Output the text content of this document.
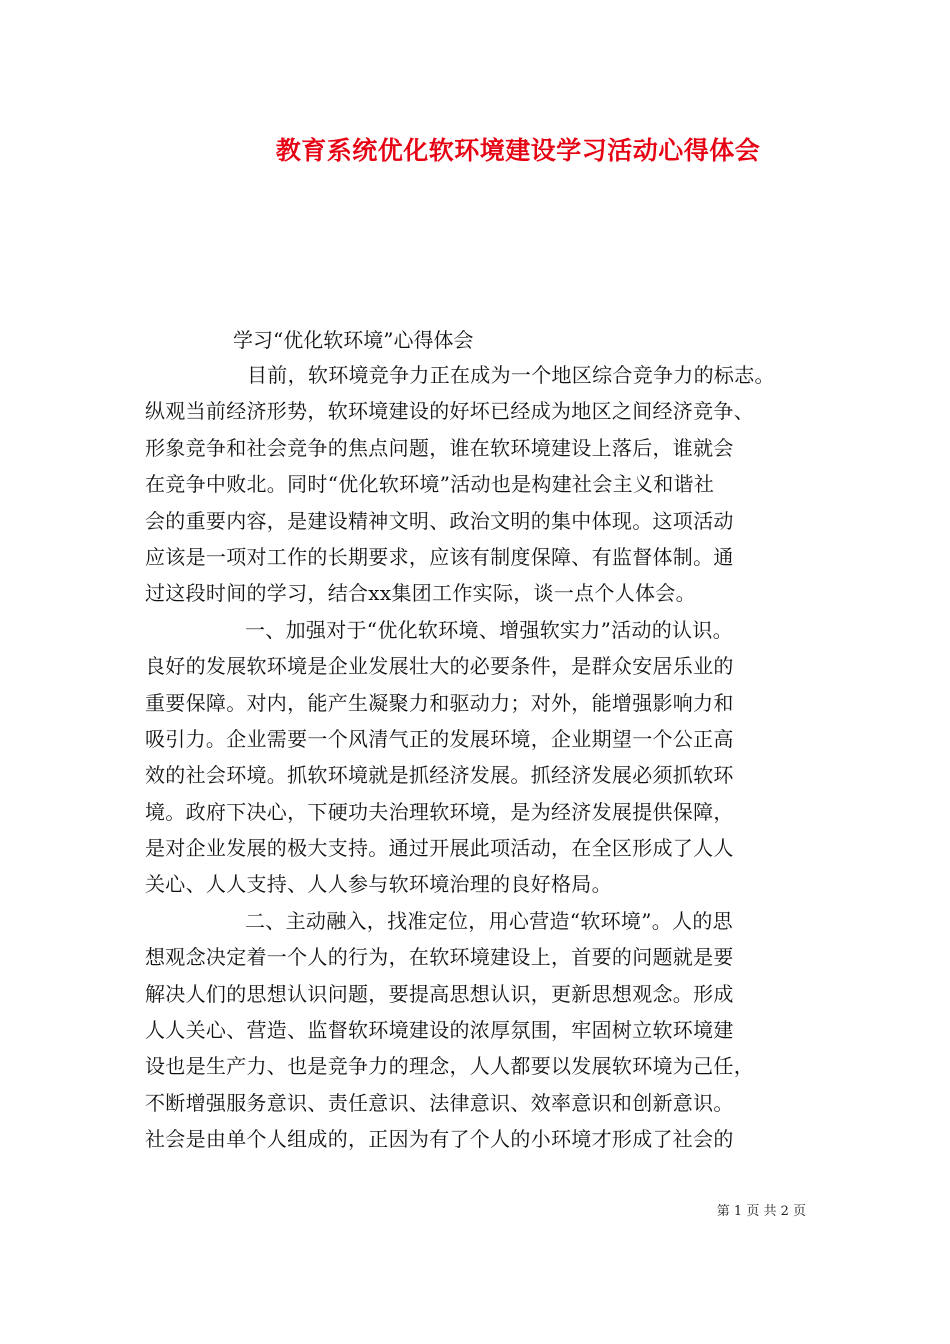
教育系统优化软环境建设学习活动心得体会
学习“优化软环境”心得体会
目前，软环境竞争力正在成为一个地区综合竞争力的标志。
纵观当前经济形势，软环境建设的好坏已经成为地区之间经济竞争、
形象竞争和社会竞争的焦点问题，谁在软环境建设上落后，谁就会
在竞争中败北。同时“优化软环境”活动也是构建社会主义和谐社
会的重要内容，是建设精神文明、政治文明的集中体现。这项活动
应该是一项对工作的长期要求，应该有制度保障、有监督体制。通
过这段时间的学习，结合xx集团工作实际，谈一点个人体会。
一、加强对于“优化软环境、增强软实力”活动的认识。
良好的发展软环境是企业发展壮大的必要条件，是群众安居乐业的
重要保障。对内，能产生凝聚力和驱动力；对外，能增强影响力和
吸引力。企业需要一个风清气正的发展环境，企业期望一个公正高
效的社会环境。抓软环境就是抓经济发展。抓经济发展必须抓软环
境。政府下决心，下硬功夫治理软环境，是为经济发展提供保障，
是对企业发展的极大支持。通过开展此项活动，在全区形成了人人
关心、人人支持、人人参与软环境治理的良好格局。
二、主动融入，找准定位，用心营造“软环境”。人的思
想观念决定着一个人的行为，在软环境建设上，首要的问题就是要
解决人们的思想认识问题，要提高思想认识，更新思想观念。形成
人人关心、营造、监督软环境建设的浓厚氛围，牢固树立软环境建
设也是生产力、也是竞争力的理念，人人都要以发展软环境为己任，
不断增强服务意识、责任意识、法律意识、效率意识和创新意识。
社会是由单个人组成的，正因为有了个人的小环境才形成了社会的
第 1 页 共 2 页
